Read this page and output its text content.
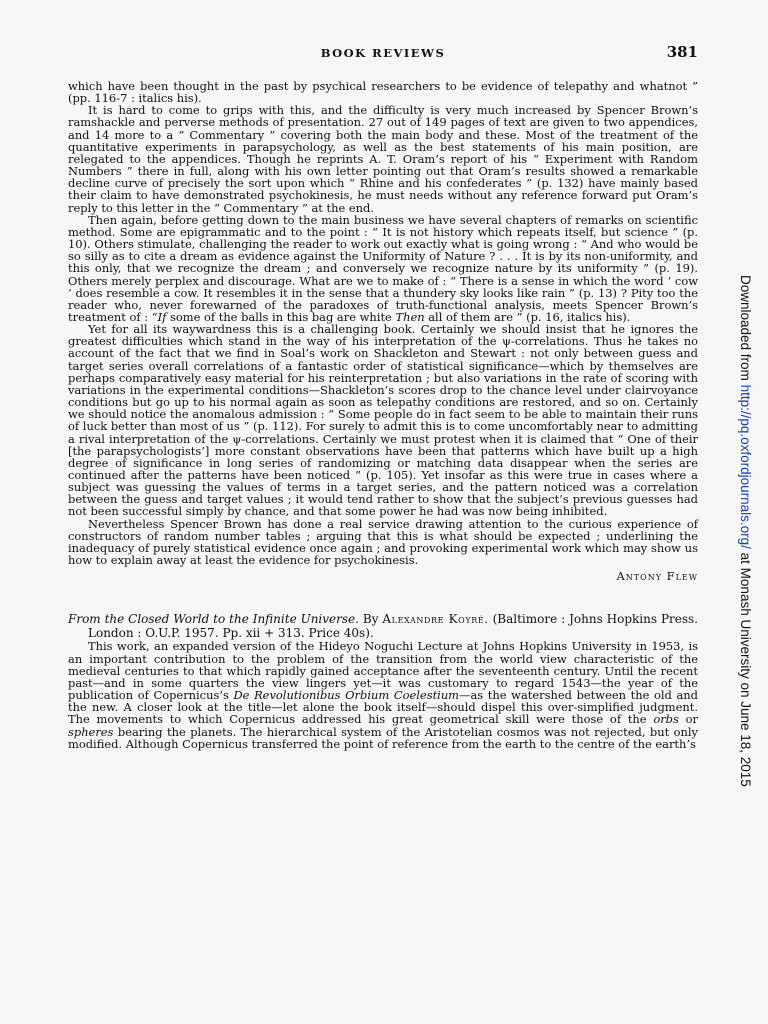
BOOK REVIEWS	381

which have been thought in the past by psychical researchers to be evidence of telepathy and whatnot ” (pp. 116-7 : italics his).

It is hard to come to grips with this, and the difficulty is very much increased by Spencer Brown’s ramshackle and perverse methods of presentation. 27 out of 149 pages of text are given to two appendices, and 14 more to a “ Commentary ” covering both the main body and these. Most of the treatment of the quantitative experiments in parapsychology, as well as the best statements of his main position, are relegated to the appendices. Though he reprints A. T. Oram’s report of his “ Experiment with Random Numbers ” there in full, along with his own letter pointing out that Oram’s results showed a remarkable decline curve of precisely the sort upon which “ Rhine and his confederates ” (p. 132) have mainly based their claim to have demonstrated psychokinesis, he must needs without any reference forward put Oram’s reply to this letter in the “ Commentary ” at the end.

Then again, before getting down to the main business we have several chapters of remarks on scientific method. Some are epigrammatic and to the point : “ It is not history which repeats itself, but science ” (p. 10). Others stimulate, challenging the reader to work out exactly what is going wrong : “ And who would be so silly as to cite a dream as evidence against the Uniformity of Nature ? . . . It is by its non-uniformity, and this only, that we recognize the dream ; and conversely we recognize nature by its uniformity ” (p. 19). Others merely perplex and discourage. What are we to make of : “ There is a sense in which the word ‘ cow ’ does resemble a cow. It resembles it in the sense that a thundery sky looks like rain ” (p. 13) ? Pity too the reader who, never forewarned of the paradoxes of truth-functional analysis, meets Spencer Brown’s treatment of : “If some of the balls in this bag are white Then all of them are ” (p. 16, italics his).

Yet for all its waywardness this is a challenging book. Certainly we should insist that he ignores the greatest difficulties which stand in the way of his interpretation of the ψ-correlations. Thus he takes no account of the fact that we find in Soal’s work on Shackleton and Stewart : not only between guess and target series overall correlations of a fantastic order of statistical significance—which by themselves are perhaps comparatively easy material for his reinterpretation ; but also variations in the rate of scoring with variations in the experimental conditions—Shackleton’s scores drop to the chance level under clairvoyance conditions but go up to his normal again as soon as telepathy conditions are restored, and so on. Certainly we should notice the anomalous admission : “ Some people do in fact seem to be able to maintain their runs of luck better than most of us ” (p. 112). For surely to admit this is to come uncomfortably near to admitting a rival interpretation of the ψ-correlations. Certainly we must protest when it is claimed that “ One of their [the parapsychologists’] more constant observations have been that patterns which have built up a high degree of significance in long series of randomizing or matching data disappear when the series are continued after the patterns have been noticed ” (p. 105). Yet insofar as this were true in cases where a subject was guessing the values of terms in a target series, and the pattern noticed was a correlation between the guess and target values ; it would tend rather to show that the subject’s previous guesses had not been successful simply by chance, and that some power he had was now being inhibited.

Nevertheless Spencer Brown has done a real service drawing attention to the curious experience of constructors of random number tables ; arguing that this is what should be expected ; underlining the inadequacy of purely statistical evidence once again ; and provoking experimental work which may show us how to explain away at least the evidence for psychokinesis.

Antony Flew
From the Closed World to the Infinite Universe. By Alexandre Koyré. (Baltimore : Johns Hopkins Press. London : O.U.P. 1957. Pp. xii + 313. Price 40s).

This work, an expanded version of the Hideyo Noguchi Lecture at Johns Hopkins University in 1953, is an important contribution to the problem of the transition from the world view characteristic of the medieval centuries to that which rapidly gained acceptance after the seventeenth century. Until the recent past—and in some quarters the view lingers yet—it was customary to regard 1543—the year of the publication of Copernicus’s De Revolutionibus Orbium Coelestium—as the watershed between the old and the new. A closer look at the title—let alone the book itself—should dispel this over-simplified judgment. The movements to which Copernicus addressed his great geometrical skill were those of the orbs or spheres bearing the planets. The hierarchical system of the Aristotelian cosmos was not rejected, but only modified. Although Copernicus transferred the point of reference from the earth to the centre of the earth’s

Downloaded from http://pq.oxfordjournals.org/ at Monash University on June 18, 2015
